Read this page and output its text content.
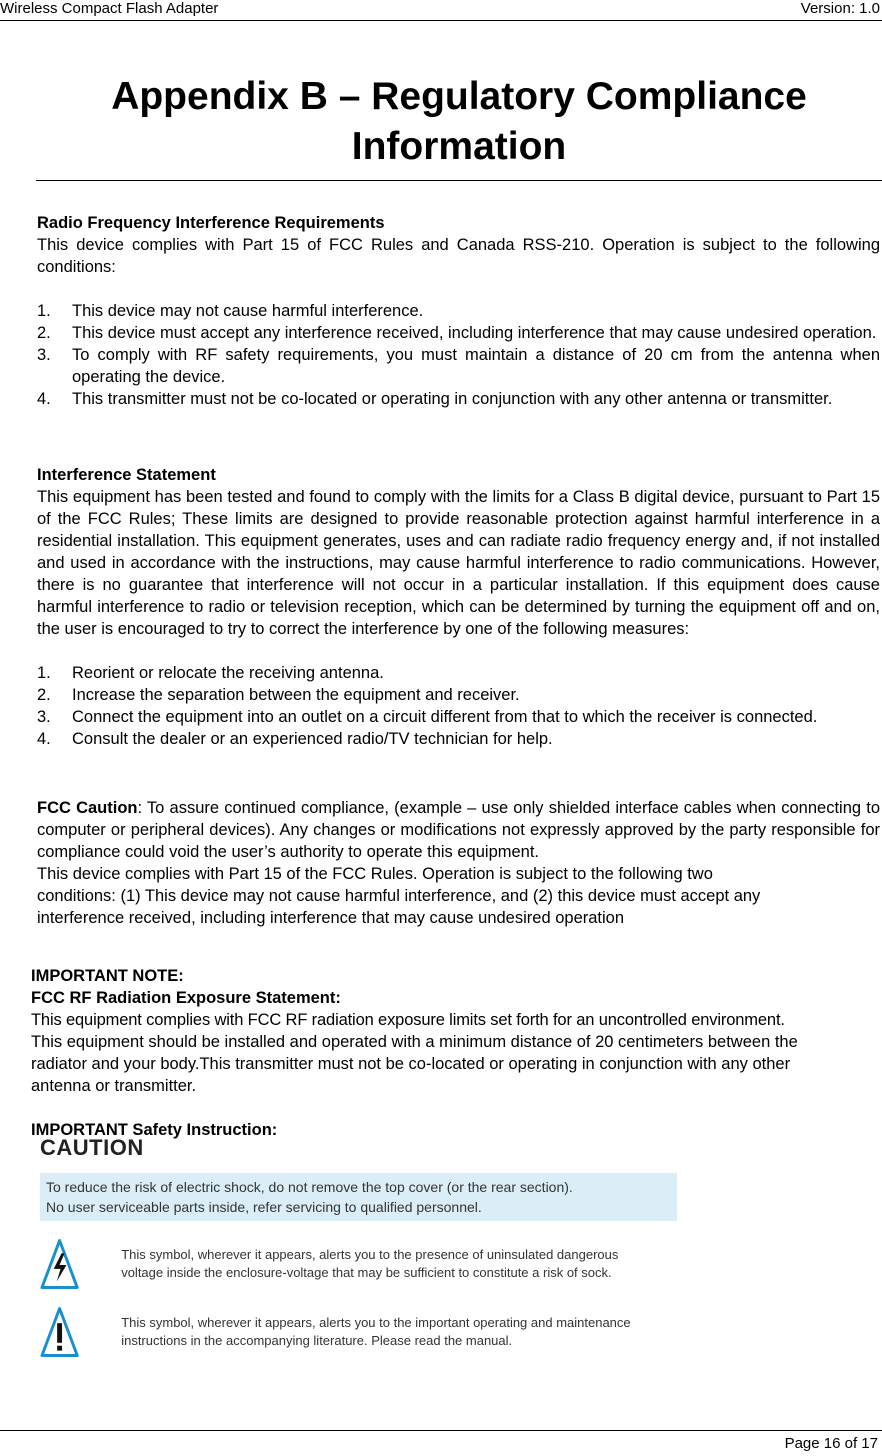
Wireless Compact Flash Adapter	Version: 1.0
Appendix B – Regulatory Compliance Information
Radio Frequency Interference Requirements
This device complies with Part 15 of FCC Rules and Canada RSS-210. Operation is subject to the following conditions:
1.	This device may not cause harmful interference.
2.	This device must accept any interference received, including interference that may cause undesired operation.
3.	To comply with RF safety requirements, you must maintain a distance of 20 cm from the antenna when operating the device.
4.	This transmitter must not be co-located or operating in conjunction with any other antenna or transmitter.
Interference Statement
This equipment has been tested and found to comply with the limits for a Class B digital device, pursuant to Part 15 of the FCC Rules; These limits are designed to provide reasonable protection against harmful interference in a residential installation. This equipment generates, uses and can radiate radio frequency energy and, if not installed and used in accordance with the instructions, may cause harmful interference to radio communications. However, there is no guarantee that interference will not occur in a particular installation. If this equipment does cause harmful interference to radio or television reception, which can be determined by turning the equipment off and on, the user is encouraged to try to correct the interference by one of the following measures:
1.	Reorient or relocate the receiving antenna.
2.	Increase the separation between the equipment and receiver.
3.	Connect the equipment into an outlet on a circuit different from that to which the receiver is connected.
4.	Consult the dealer or an experienced radio/TV technician for help.
FCC Caution: To assure continued compliance, (example – use only shielded interface cables when connecting to computer or peripheral devices). Any changes or modifications not expressly approved by the party responsible for compliance could void the user’s authority to operate this equipment.
This device complies with Part 15 of the FCC Rules. Operation is subject to the following two
conditions: (1) This device may not cause harmful interference, and (2) this device must accept any
interference received, including interference that may cause undesired operation
IMPORTANT NOTE:
FCC RF Radiation Exposure Statement:
This equipment complies with FCC RF radiation exposure limits set forth for an uncontrolled environment.
This equipment should be installed and operated with a minimum distance of 20 centimeters between the
radiator and your body.This transmitter must not be co-located or operating in conjunction with any other
antenna or transmitter.
IMPORTANT Safety Instruction:
CAUTION
To reduce the risk of electric shock, do not remove the top cover (or the rear section).
No user serviceable parts inside, refer servicing to qualified personnel.
This symbol, wherever it appears, alerts you to the presence of uninsulated dangerous
voltage inside the enclosure-voltage that may be sufficient to constitute a risk of sock.
This symbol, wherever it appears, alerts you to the important operating and maintenance
instructions in the accompanying literature. Please read the manual.
Page 16 of 17
